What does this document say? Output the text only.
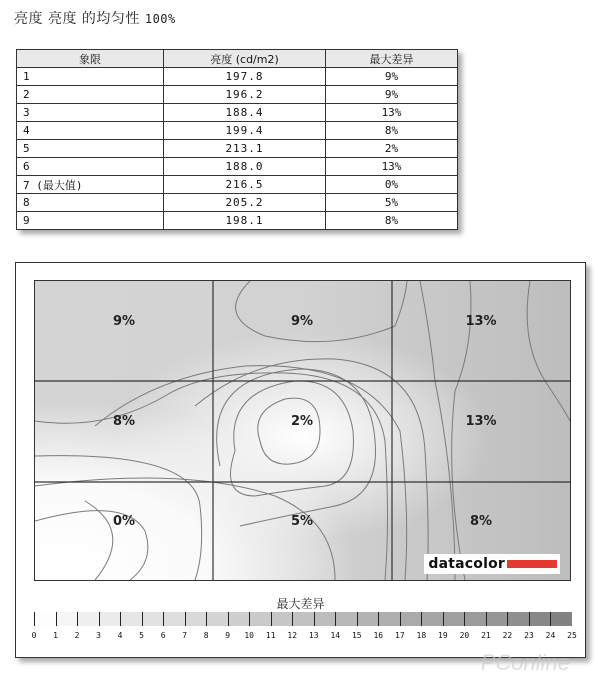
亮度 亮度 的均匀性 100%
象限	亮度 (cd/m2)	最大差异
1	197.8	9%
2	196.2	9%
3	188.4	13%
4	199.4	8%
5	213.1	2%
6	188.0	13%
7 (最大值)	216.5	0%
8	205.2	5%
9	198.1	8%
9%	9%	13%
8%	2%	13%
0%	5%	8%
datacolor
最大差异
0 1 2 3 4 5 6 7 8 9 10 11 12 13 14 15 16 17 18 19 20 21 22 23 24 25
PConline
